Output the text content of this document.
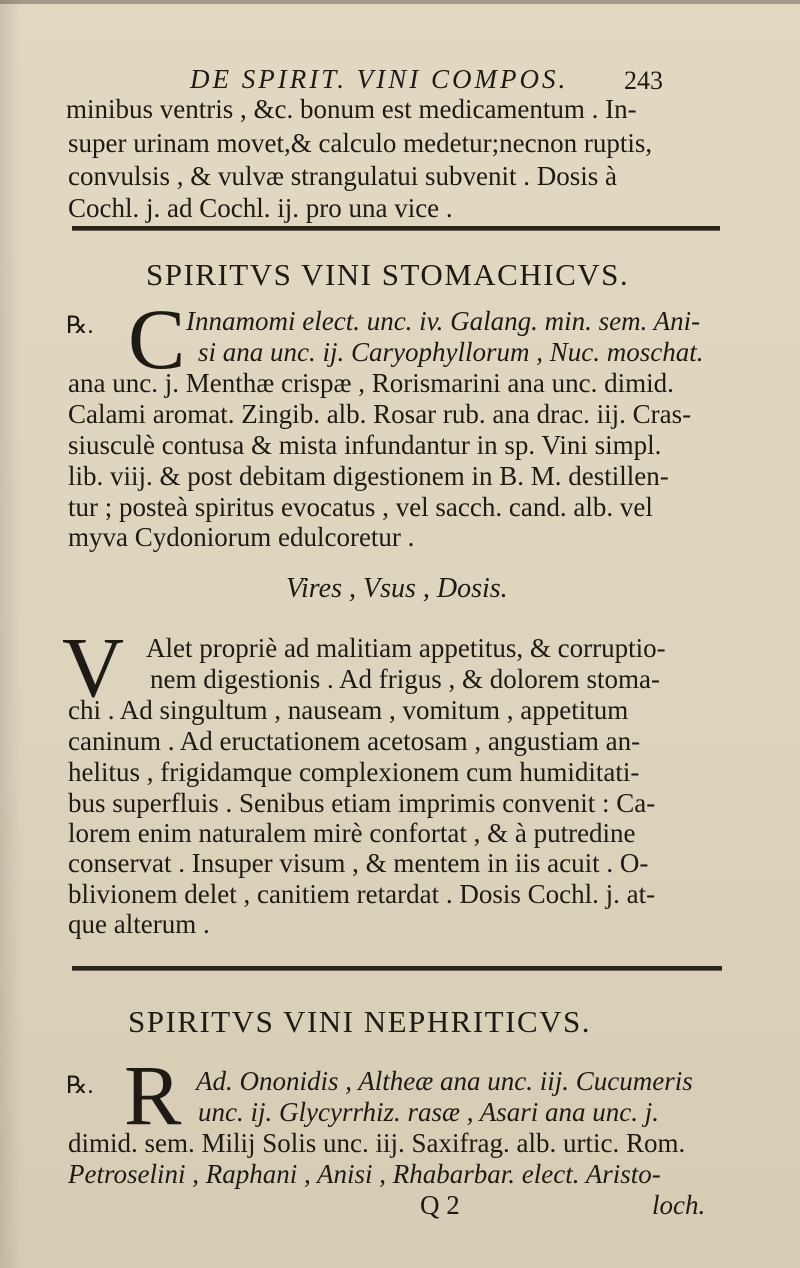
DE SPIRIT. VINI COMPOS. 243
minibus ventris , &c. bonum est medicamentum . In-
super urinam movet,& calculo medetur;necnon ruptis,
convulsis , & vulvæ strangulatui subvenit . Dosis à
Cochl. j. ad Cochl. ij. pro una vice .
SPIRITVS VINI STOMACHICVS.
℞. C Innamomi elect. unc. iv. Galang. min. sem. Ani-
si ana unc. ij. Caryophyllorum , Nuc. moschat.
ana unc. j. Menthæ crispæ , Rorismarini ana unc. dimid.
Calami aromat. Zingib. alb. Rosar rub. ana drac. iij. Cras-
siusculè contusa & mista infundantur in sp. Vini simpl.
lib. viij. & post debitam digestionem in B. M. destillen-
tur ; posteà spiritus evocatus , vel sacch. cand. alb. vel
myva Cydoniorum edulcoretur .
Vires , Vsus , Dosis.
V Alet propriè ad malitiam appetitus, & corruptio-
nem digestionis . Ad frigus , & dolorem stoma-
chi . Ad singultum , nauseam , vomitum , appetitum
caninum . Ad eructationem acetosam , angustiam an-
helitus , frigidamque complexionem cum humiditati-
bus superfluis . Senibus etiam imprimis convenit : Ca-
lorem enim naturalem mirè confortat , & à putredine
conservat . Insuper visum , & mentem in iis acuit . O-
blivionem delet , canitiem retardat . Dosis Cochl. j. at-
que alterum .
SPIRITVS VINI NEPHRITICVS.
℞. R Ad. Ononidis , Altheæ ana unc. iij. Cucumeris
unc. ij. Glycyrrhiz. rasæ , Asari ana unc. j.
dimid. sem. Milij Solis unc. iij. Saxifrag. alb. urtic. Rom.
Petroselini , Raphani , Anisi , Rhabarbar. elect. Aristo-
Q 2	loch.
